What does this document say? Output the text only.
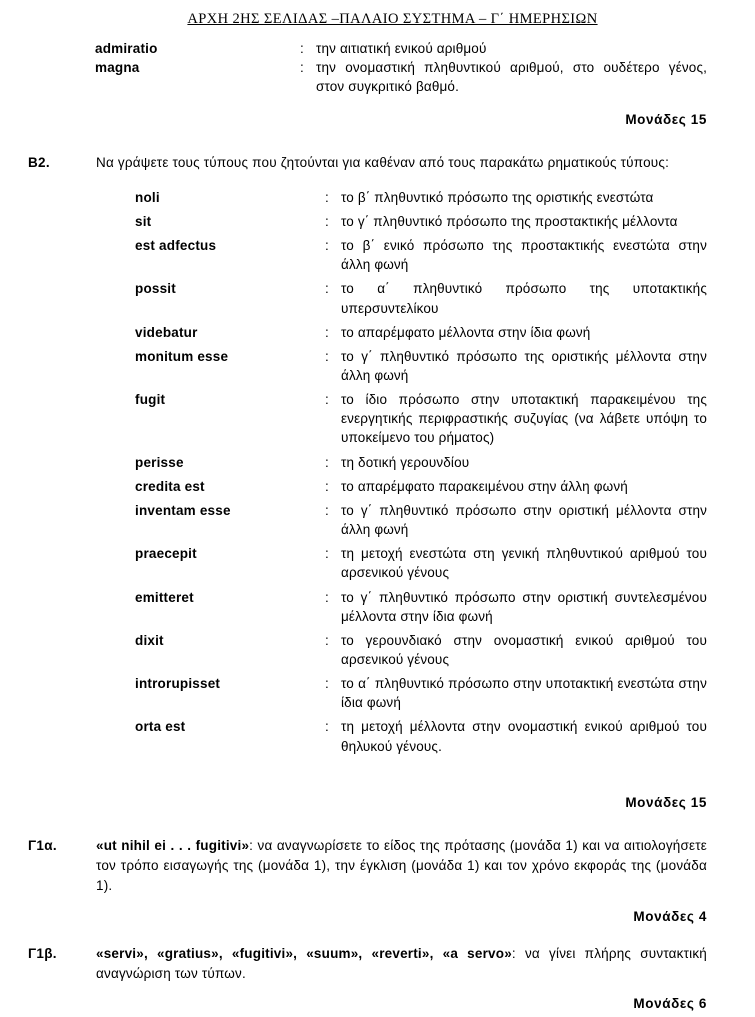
ΑΡΧΗ 2ΗΣ ΣΕΛΙΔΑΣ –ΠΑΛΑΙΟ ΣΥΣΤΗΜΑ – Γ΄ ΗΜΕΡΗΣΙΩΝ
admiratio	: την αιτιατική ενικού αριθμού
magna	: την ονομαστική πληθυντικού αριθμού, στο ουδέτερο γένος, στον συγκριτικό βαθμό.
Μονάδες 15
Β2.	Να γράψετε τους τύπους που ζητούνται για καθέναν από τους παρακάτω ρηματικούς τύπους:
noli	: το β΄ πληθυντικό πρόσωπο της οριστικής ενεστώτα
sit	: το γ΄ πληθυντικό πρόσωπο της προστακτικής μέλλοντα
est adfectus	: το β΄ ενικό πρόσωπο της προστακτικής ενεστώτα στην άλλη φωνή
possit	: το α΄ πληθυντικό πρόσωπο της υποτακτικής υπερσυντελίκου
videbatur	: το απαρέμφατο μέλλοντα στην ίδια φωνή
monitum esse	: το γ΄ πληθυντικό πρόσωπο της οριστικής μέλλοντα στην άλλη φωνή
fugit	: το ίδιο πρόσωπο στην υποτακτική παρακειμένου της ενεργητικής περιφραστικής συζυγίας (να λάβετε υπόψη το υποκείμενο του ρήματος)
perisse	: τη δοτική γερουνδίου
credita est	: το απαρέμφατο παρακειμένου στην άλλη φωνή
inventam esse	: το γ΄ πληθυντικό πρόσωπο στην οριστική μέλλοντα στην άλλη φωνή
praecepit	: τη μετοχή ενεστώτα στη γενική πληθυντικού αριθμού του αρσενικού γένους
emitteret	: το γ΄ πληθυντικό πρόσωπο στην οριστική συντελεσμένου μέλλοντα στην ίδια φωνή
dixit	: το γερουνδιακό στην ονομαστική ενικού αριθμού του αρσενικού γένους
introrupisset	: το α΄ πληθυντικό πρόσωπο στην υποτακτική ενεστώτα στην ίδια φωνή
orta est	: τη μετοχή μέλλοντα στην ονομαστική ενικού αριθμού του θηλυκού γένους.
Μονάδες 15
Γ1α.	«ut nihil ei . . . fugitivi»: να αναγνωρίσετε το είδος της πρότασης (μονάδα 1) και να αιτιολογήσετε τον τρόπο εισαγωγής της (μονάδα 1), την έγκλιση (μονάδα 1) και τον χρόνο εκφοράς της (μονάδα 1).
Μονάδες 4
Γ1β.	«servi», «gratius», «fugitivi», «suum», «reverti», «a servo»: να γίνει πλήρης συντακτική αναγνώριση των τύπων.
Μονάδες 6
